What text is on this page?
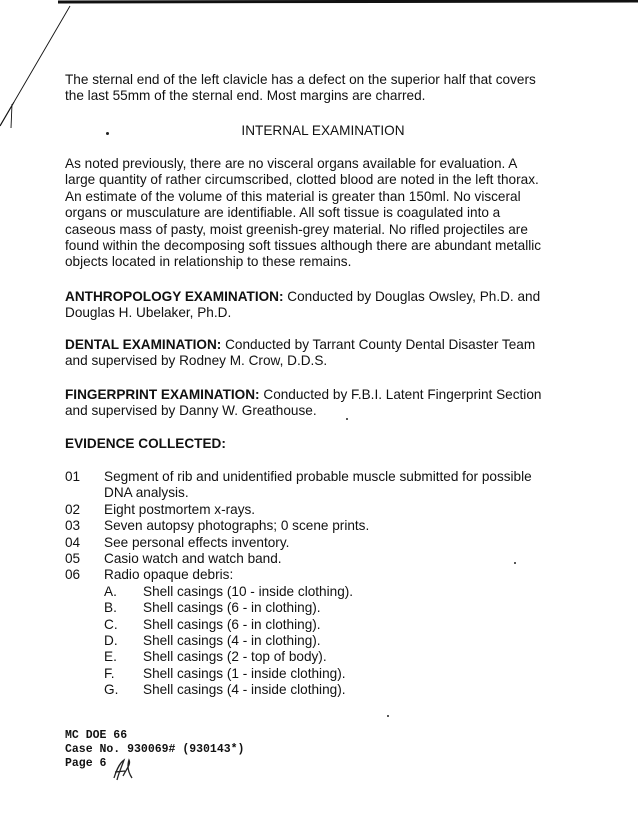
The sternal end of the left clavicle has a defect on the superior half that covers
the last 55mm of the sternal end. Most margins are charred.

INTERNAL EXAMINATION

As noted previously, there are no visceral organs available for evaluation. A
large quantity of rather circumscribed, clotted blood are noted in the left thorax.
An estimate of the volume of this material is greater than 150ml. No visceral
organs or musculature are identifiable. All soft tissue is coagulated into a
caseous mass of pasty, moist greenish-grey material. No rifled projectiles are
found within the decomposing soft tissues although there are abundant metallic
objects located in relationship to these remains.

ANTHROPOLOGY EXAMINATION: Conducted by Douglas Owsley, Ph.D. and
Douglas H. Ubelaker, Ph.D.

DENTAL EXAMINATION: Conducted by Tarrant County Dental Disaster Team
and supervised by Rodney M. Crow, D.D.S.

FINGERPRINT EXAMINATION: Conducted by F.B.I. Latent Fingerprint Section
and supervised by Danny W. Greathouse.

EVIDENCE COLLECTED:

01 Segment of rib and unidentified probable muscle submitted for possible
DNA analysis.
02 Eight postmortem x-rays.
03 Seven autopsy photographs; 0 scene prints.
04 See personal effects inventory.
05 Casio watch and watch band.
06 Radio opaque debris:
A. Shell casings (10 - inside clothing).
B. Shell casings (6 - in clothing).
C. Shell casings (6 - in clothing).
D. Shell casings (4 - in clothing).
E. Shell casings (2 - top of body).
F. Shell casings (1 - inside clothing).
G. Shell casings (4 - inside clothing).
MC DOE 66
Case No. 930069# (930143*)
Page 6
